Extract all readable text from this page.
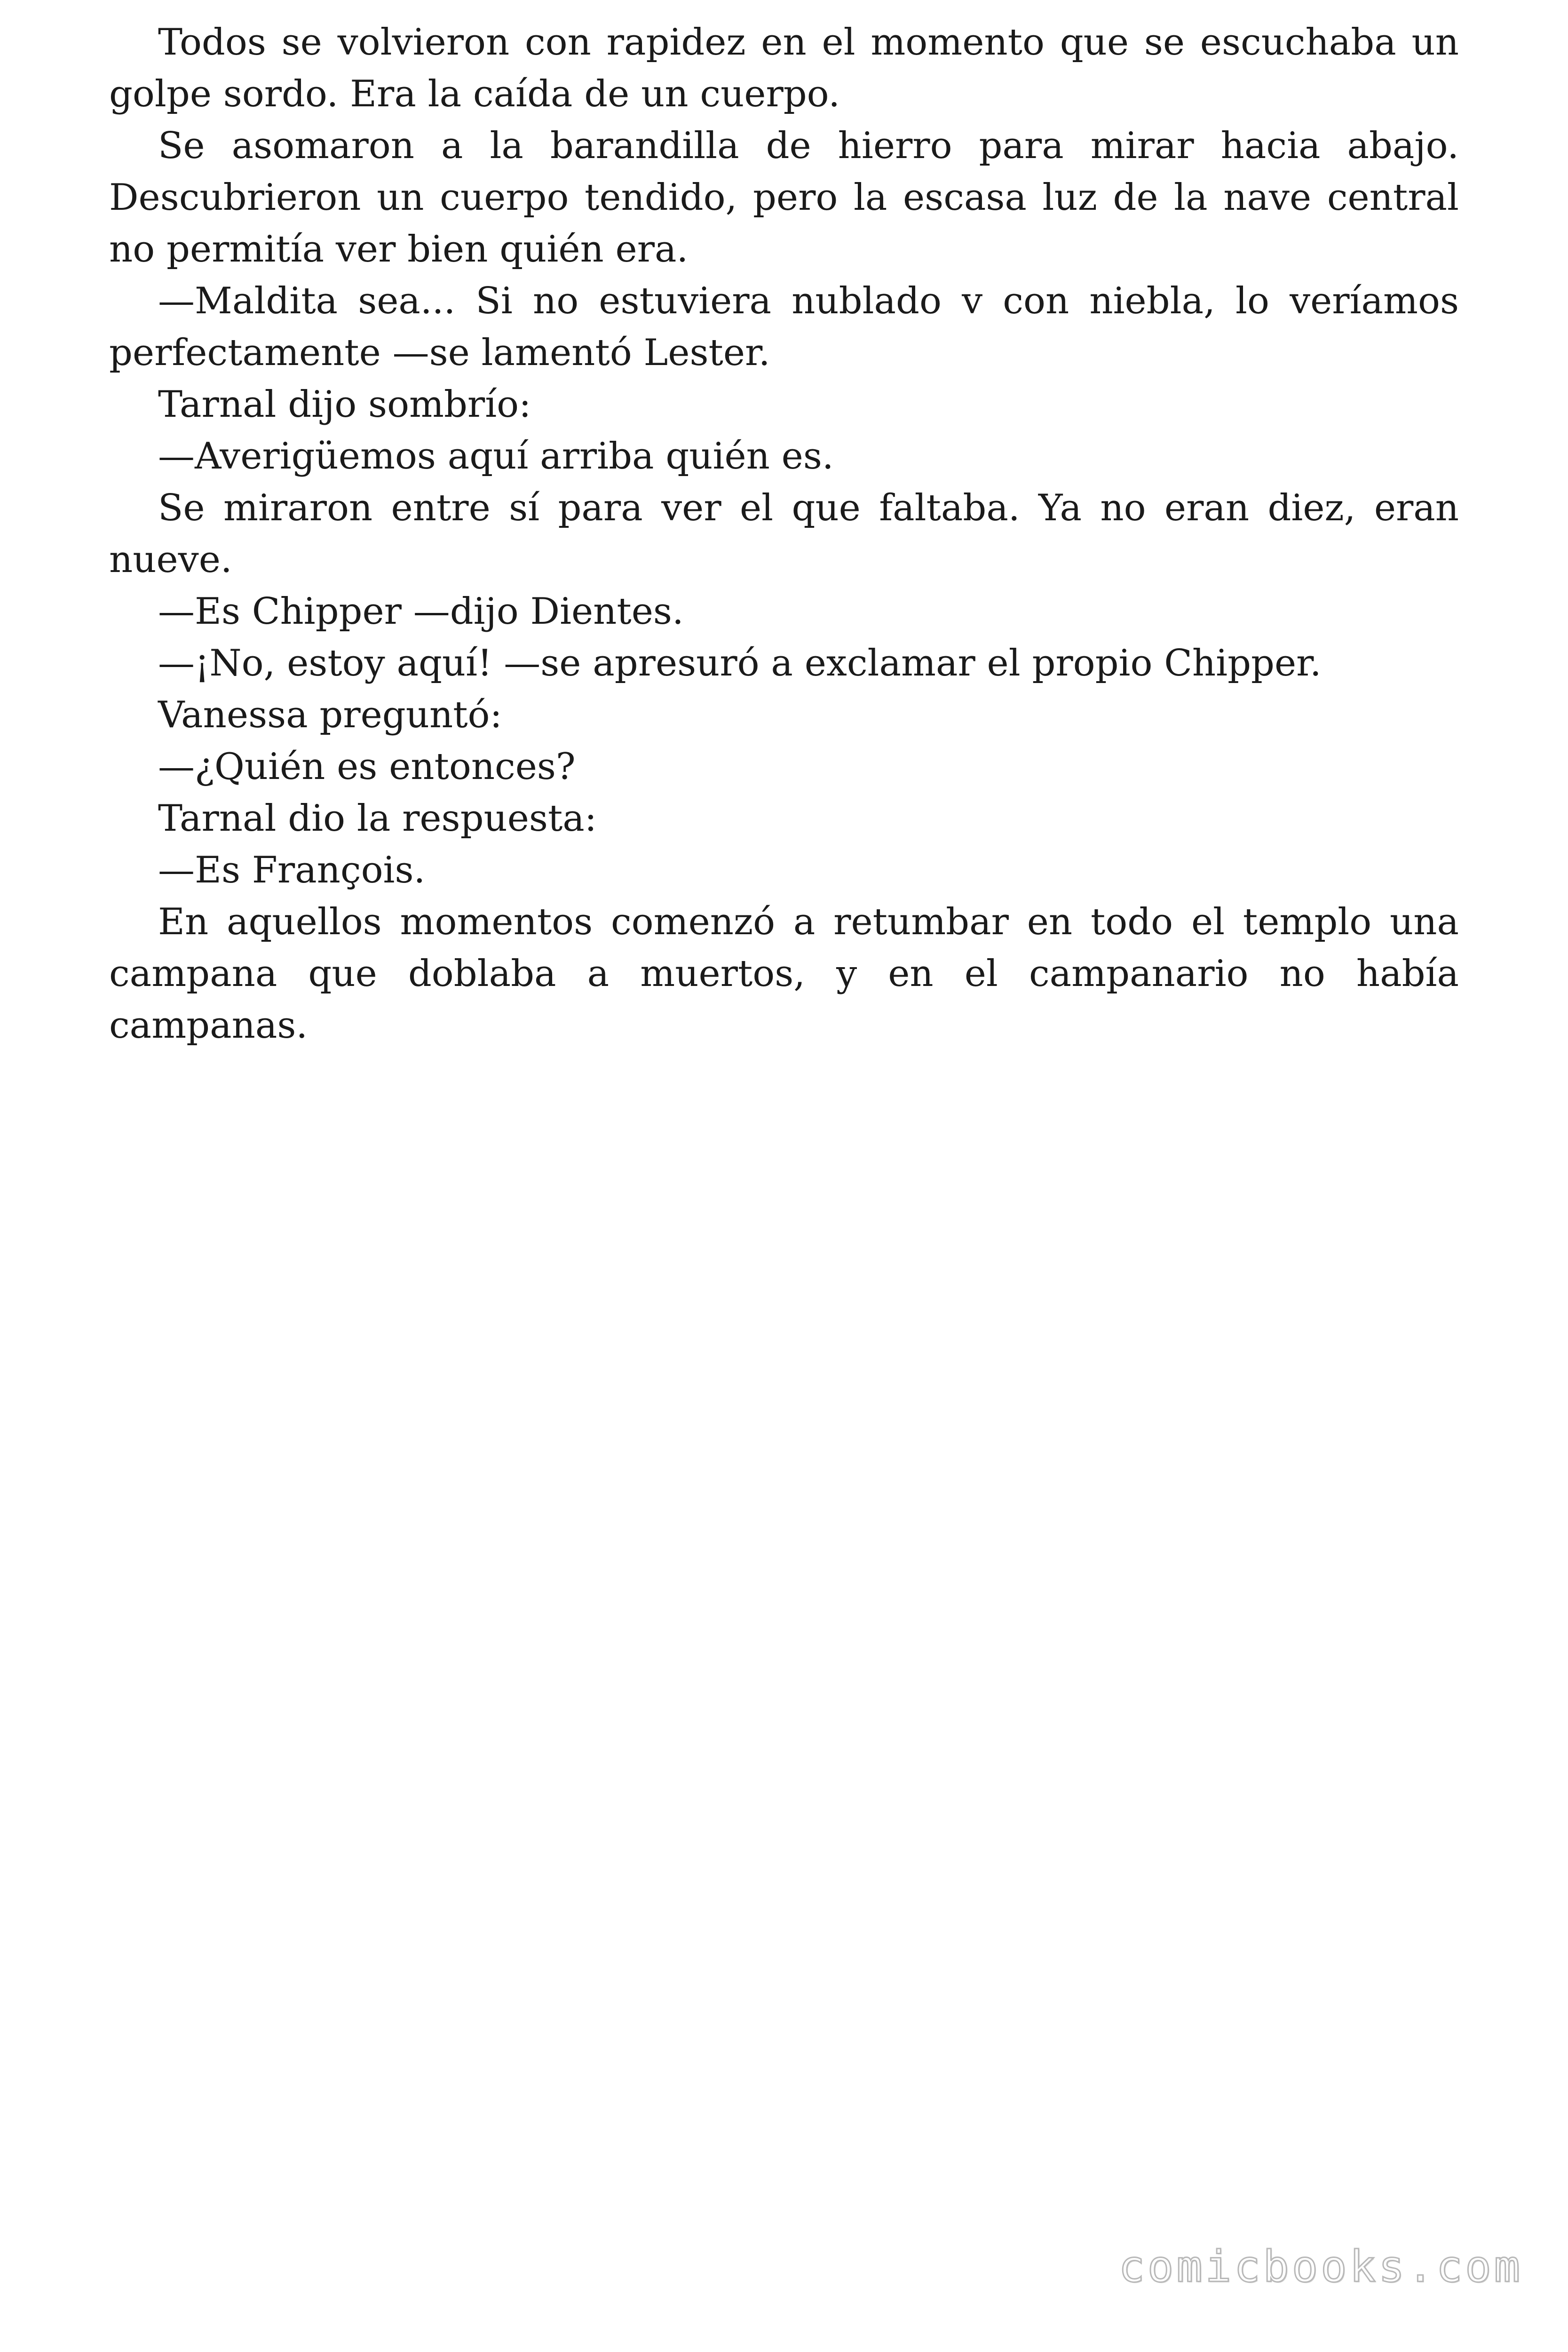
Todos se volvieron con rapidez en el momento que se escuchaba un golpe sordo. Era la caída de un cuerpo.

Se asomaron a la barandilla de hierro para mirar hacia abajo. Descubrieron un cuerpo tendido, pero la escasa luz de la nave central no permitía ver bien quién era.

—Maldita sea... Si no estuviera nublado v con niebla, lo veríamos perfectamente —se lamentó Lester.

Tarnal dijo sombrío:

—Averigüemos aquí arriba quién es.

Se miraron entre sí para ver el que faltaba. Ya no eran diez, eran nueve.

—Es Chipper —dijo Dientes.

—¡No, estoy aquí! —se apresuró a exclamar el propio Chipper.

Vanessa preguntó:

—¿Quién es entonces?

Tarnal dio la respuesta:

—Es François.

En aquellos momentos comenzó a retumbar en todo el templo una campana que doblaba a muertos, y en el campanario no había campanas.

comicbooks.com
